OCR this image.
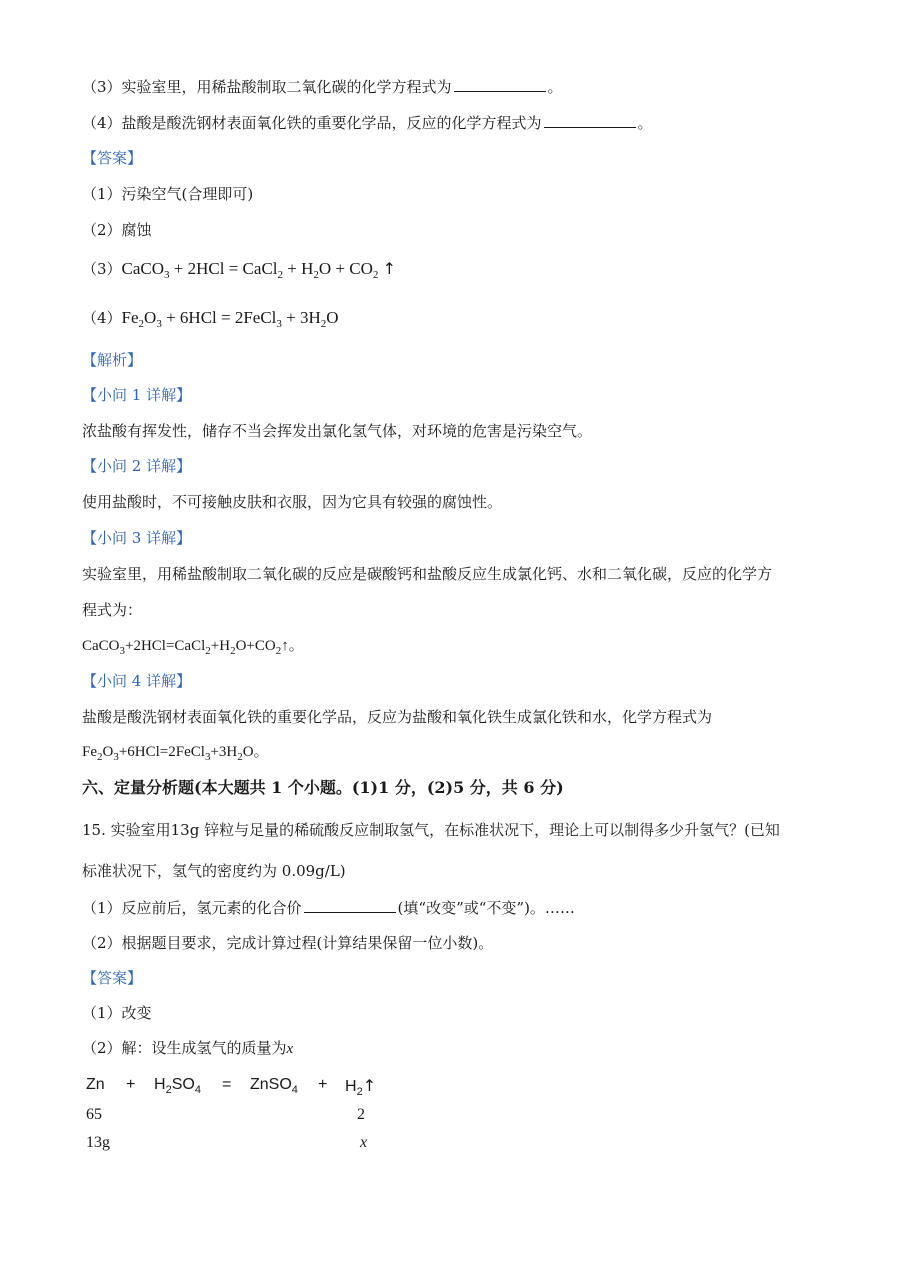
（3）实验室里，用稀盐酸制取二氧化碳的化学方程式为	。
（4）盐酸是酸洗钢材表面氧化铁的重要化学品，反应的化学方程式为	。
【答案】
（1）污染空气(合理即可)
（2）腐蚀
（3）CaCO$_3$ + 2HCl = CaCl$_2$ + $H_2O + CO_2$ ↑
$(4)Fe_2O_3 + 6HCl$ = 2FeCl$_3$ + $3H_2O$
【解析】
【小问 1 详解】
浓盐酸有挥发性，储存不当会挥发出氯化氢气体，对环境的危害是污染空气。
【小问 2 详解】
使用盐酸时，不可接触皮肤和衣服，因为它具有较强的腐蚀性。
【小问 3 详解】
实验室里，用稀盐酸制取二氧化碳的反应是碳酸钙和盐酸反应生成氯化钙、水和二氧化碳，反应的化学方
程式为：
$CaCO_3+2HCl=CaCl_2+H_2O+CO_2↑$。
【小问 4 详解】
盐酸是酸洗钢材表面氧化铁的重要化学品，反应为盐酸和氧化铁生成氯化铁和水，化学方程式为
$Fe_2O_3+6HCl=2FeCl_3+3H_2O$。
六、定量分析题(本大题共 1 个小题。(1)1 分，(2)5 分，共 6 分)
15. 实验室用13g 锌粒与足量的稀硫酸反应制取氢气，在标准状况下，理论上可以制得多少升氢气？(已知
标准状况下，氢气的密度约为 0.09g/L)
（1）反应前后，氢元素的化合价	(填“改变”或“不变”)。……
（2）根据题目要求，完成计算过程(计算结果保留一位小数)。
【答案】
（1）改变
（2）解：设生成氢气的质量为x
$Zn + H_2SO_4$ = ZnSO$_4$ + $H_2↑$
65	2
13g	x
